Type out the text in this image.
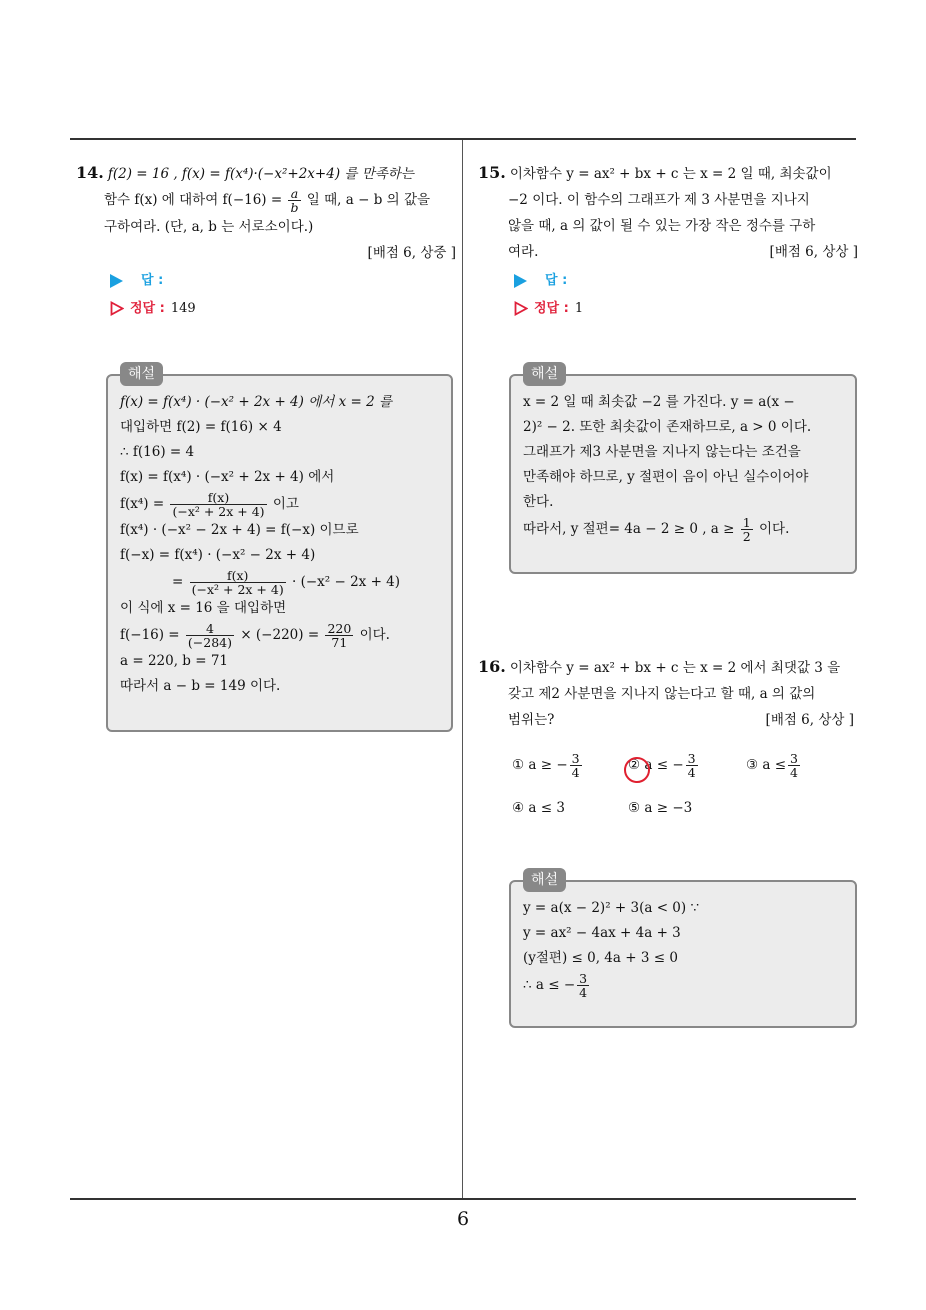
6

14. f(2) = 16 , f(x) = f(x⁴)·(−x²+2x+4) 를 만족하는

함수 f(x) 에 대하여 $f(-16) = \frac{a}{b}$ 일 때, a − b 의 값을

구하여라. (단, a, b 는 서로소이다.)

[배점 6, 상중 ]

답 :
정답 : 149
해설

f(x) = f(x⁴) · (−x² + 2x + 4) 에서 x = 2 를

대입하면 f(2) = f(16) × 4

∴ f(16) = 4

f(x) = f(x⁴) · (−x² + 2x + 4) 에서

$f(x^4) = \frac{f(x)}{\text{(−x² + 2x + 4)}}$ 이고

f(x⁴) · (−x² − 2x + 4) = f(−x) 이므로

f(−x) = f(x⁴) · (−x² − 2x + 4)

= $\frac{f(x)}{\text{(−x² + 2x + 4)}} \cdot (-x^2 - 2x + 4)$

이 식에 x = 16 을 대입하면

$f(-16) = \frac{4}{(-284)} \times (-220) = \frac{220}{71}$ 이다.

a = 220, b = 71

따라서 a − b = 149 이다.

15. 이차함수 y = ax² + bx + c 는 x = 2 일 때, 최솟값이

−2 이다. 이 함수의 그래프가 제 3 사분면을 지나지

않을 때, a 의 값이 될 수 있는 가장 작은 정수를 구하

여라.	[배점 6, 상상 ]

답 :
정답 : 1
해설

x = 2 일 때 최솟값 −2 를 가진다. y = a(x −

2)² − 2. 또한 최솟값이 존재하므로, a > 0 이다.

그래프가 제3 사분면을 지나지 않는다는 조건을

만족해야 하므로, y 절편이 음이 아닌 실수이어야

한다.

따라서, y 절편= 4a − 2 ≥ 0 , $a \ge \frac{1}{2}$ 이다.

16. 이차함수 y = ax² + bx + c 는 x = 2 에서 최댓값 3 을

갖고 제2 사분면을 지나지 않는다고 할 때, a 의 값의

범위는?	[배점 6, 상상 ]

① a ≥ − $\frac{3}{4}$	② a ≤ − $\frac{3}{4}$	③ $a \le \frac{3}{4}$
④ a ≤ 3	⑤ a ≥ −3
해설

y = a(x − 2)² + 3(a < 0) ∵

y = ax² − 4ax + 4a + 3

(y절편) ≤ 0, 4a + 3 ≤ 0

∴ a ≤ − $\frac{3}{4}$
